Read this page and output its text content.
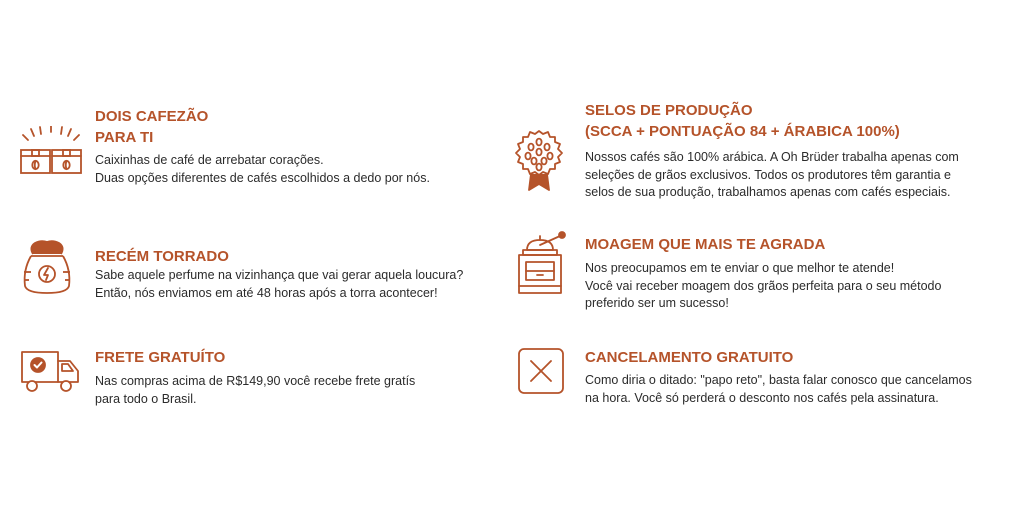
DOIS CAFEZÃO
PARA TI
Caixinhas de café de arrebatar corações.
Duas opções diferentes de cafés escolhidos a dedo por nós.
SELOS DE PRODUÇÃO
(SCCA + PONTUAÇÃO 84 + ÁRABICA 100%)
Nossos cafés são 100% arábica. A Oh Brüder trabalha apenas com
seleções de grãos exclusivos. Todos os produtores têm garantia e
selos de sua produção, trabalhamos apenas com cafés especiais.
RECÉM TORRADO
Sabe aquele perfume na vizinhança que vai gerar aquela loucura?
Então, nós enviamos em até 48 horas após a torra acontecer!
MOAGEM QUE MAIS TE AGRADA
Nos preocupamos em te enviar o que melhor te atende!
Você vai receber moagem dos grãos perfeita para o seu método
preferido ser um sucesso!
FRETE GRATUÍTO
Nas compras acima de R$149,90 você recebe frete gratís
para todo o Brasil.
CANCELAMENTO GRATUITO
Como diria o ditado: "papo reto", basta falar conosco que cancelamos
na hora. Você só perderá o desconto nos cafés pela assinatura.
